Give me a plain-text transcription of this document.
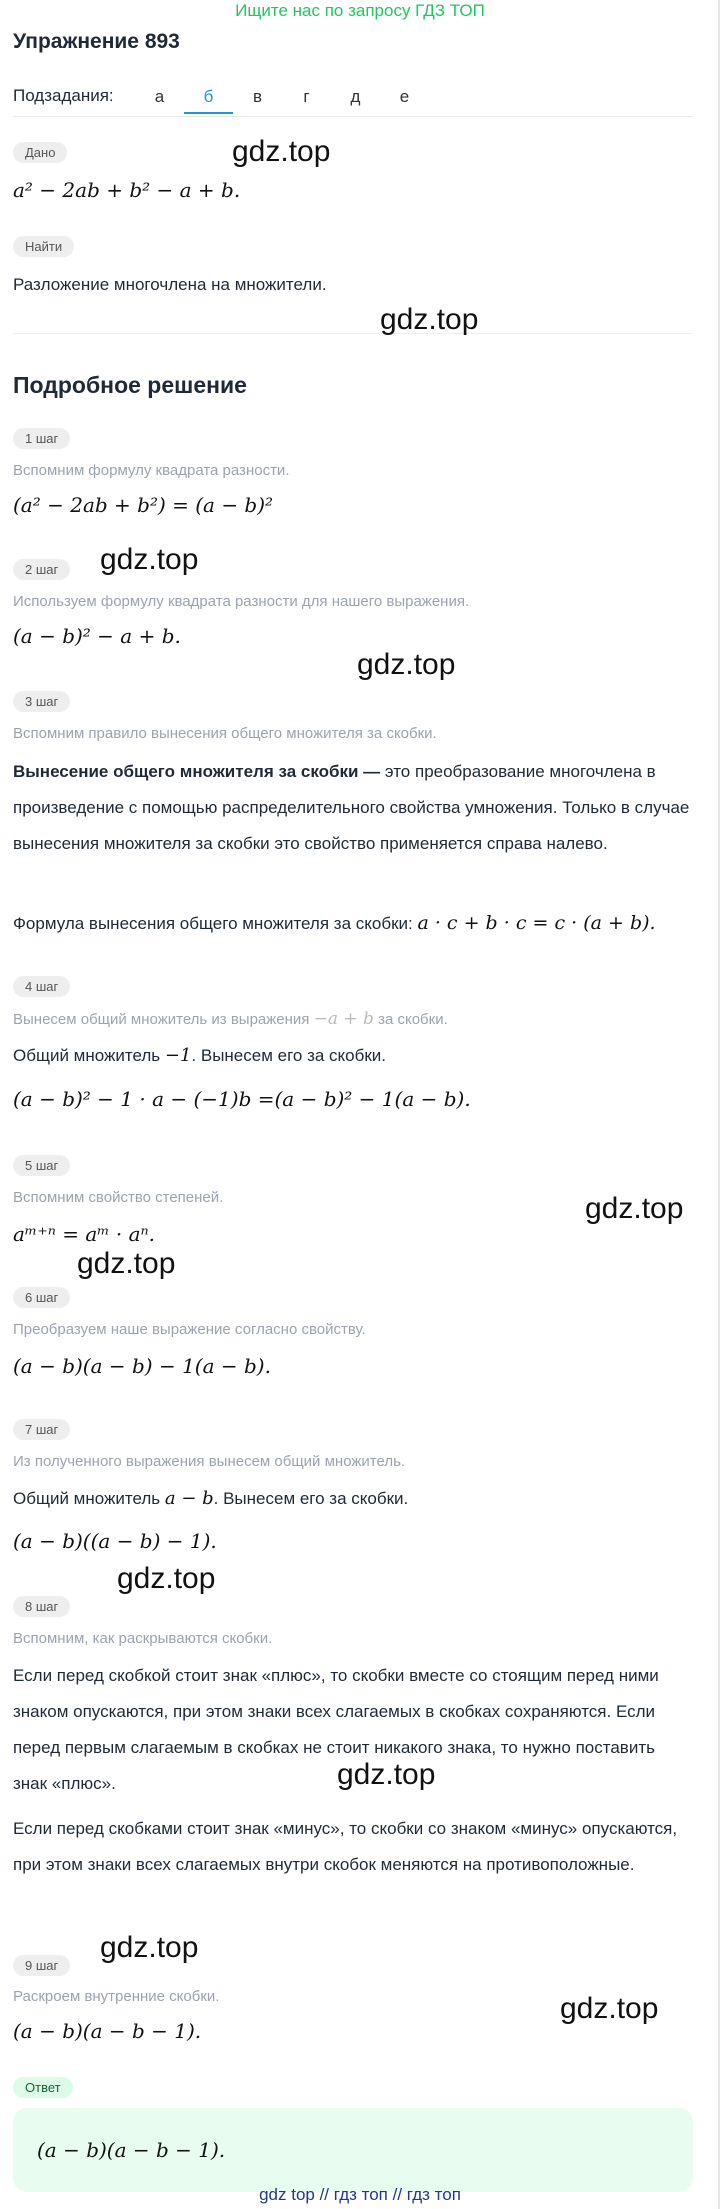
Ищите нас по запросу ГДЗ ТОП
Упражнение 893
Подзадания:	а	б	в	г	д	е
Дано
a² − 2ab + b² − a + b.
Найти
Разложение многочлена на множители.
Подробное решение
1 шаг
Вспомним формулу квадрата разности.
(a² − 2ab + b²) = (a − b)²
2 шаг
Используем формулу квадрата разности для нашего выражения.
(a − b)² − a + b.
3 шаг
Вспомним правило вынесения общего множителя за скобки.
Вынесение общего множителя за скобки — это преобразование многочлена в произведение с помощью распределительного свойства умножения. Только в случае вынесения множителя за скобки это свойство применяется справа налево.
Формула вынесения общего множителя за скобки: a · c + b · c = c · (a + b).
4 шаг
Вынесем общий множитель из выражения −a + b за скобки.
Общий множитель −1. Вынесем его за скобки.
(a − b)² − 1 · a − (−1)b =(a − b)² − 1(a − b).
5 шаг
Вспомним свойство степеней.
aᵐ⁺ⁿ = aᵐ · aⁿ.
6 шаг
Преобразуем наше выражение согласно свойству.
(a − b)(a − b) − 1(a − b).
7 шаг
Из полученного выражения вынесем общий множитель.
Общий множитель a − b. Вынесем его за скобки.
(a − b)((a − b) − 1).
8 шаг
Вспомним, как раскрываются скобки.
Если перед скобкой стоит знак «плюс», то скобки вместе со стоящим перед ними знаком опускаются, при этом знаки всех слагаемых в скобках сохраняются. Если перед первым слагаемым в скобках не стоит никакого знака, то нужно поставить знак «плюс».
Если перед скобками стоит знак «минус», то скобки со знаком «минус» опускаются, при этом знаки всех слагаемых внутри скобок меняются на противоположные.
9 шаг
Раскроем внутренние скобки.
(a − b)(a − b − 1).
Ответ
(a − b)(a − b − 1).
gdz.top
gdz.top
gdz.top
gdz.top
gdz.top
gdz.top
gdz.top
gdz.top
gdz.top
gdz.top
gdz top // гдз топ // гдз топ
